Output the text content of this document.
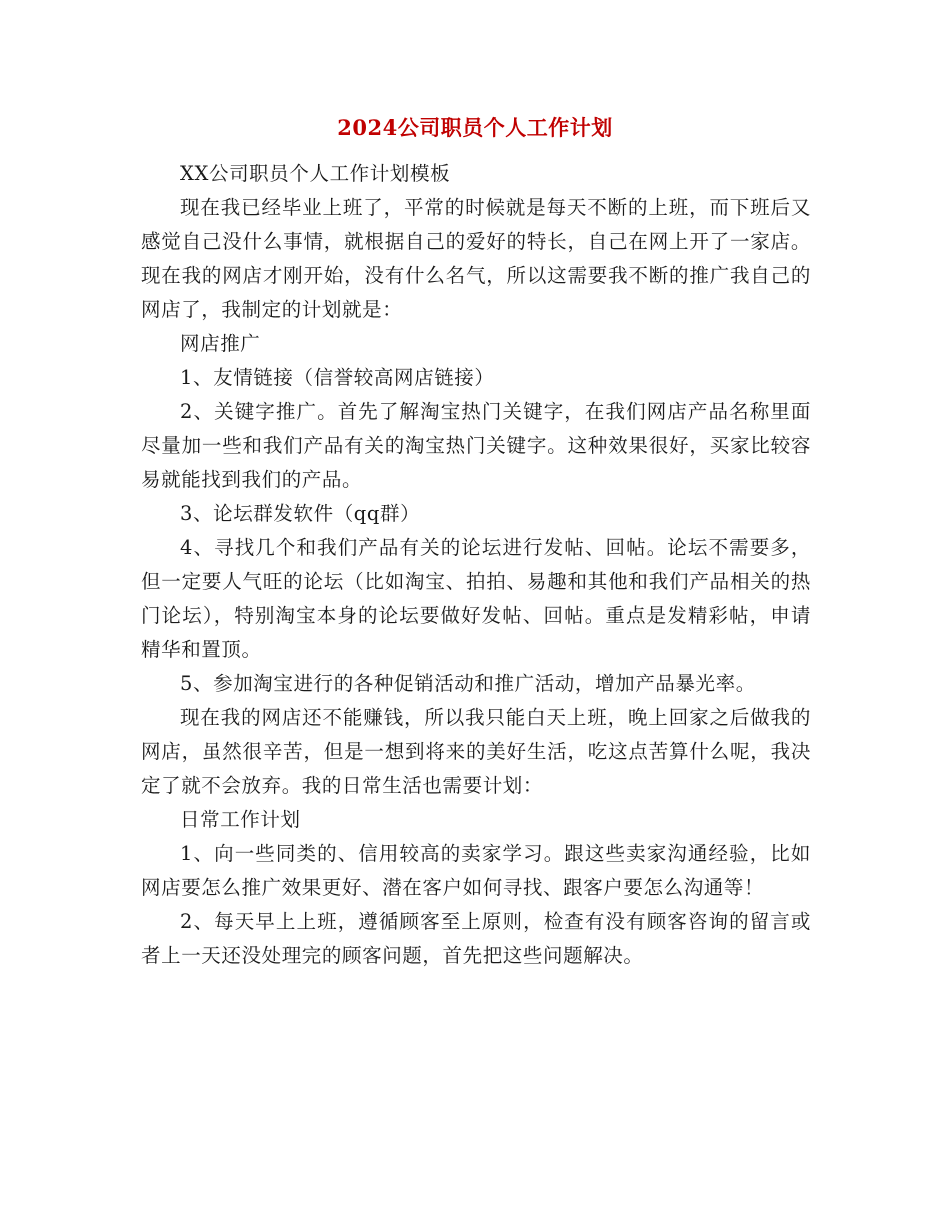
2024公司职员个人工作计划

XX公司职员个人工作计划模板

现在我已经毕业上班了，平常的时候就是每天不断的上班，而下班后又感觉自己没什么事情，就根据自己的爱好的特长，自己在网上开了一家店。现在我的网店才刚开始，没有什么名气，所以这需要我不断的推广我自己的网店了，我制定的计划就是：

网店推广

1、友情链接（信誉较高网店链接）

2、关键字推广。首先了解淘宝热门关键字，在我们网店产品名称里面尽量加一些和我们产品有关的淘宝热门关键字。这种效果很好，买家比较容易就能找到我们的产品。

3、论坛群发软件（qq群）

4、寻找几个和我们产品有关的论坛进行发帖、回帖。论坛不需要多，但一定要人气旺的论坛（比如淘宝、拍拍、易趣和其他和我们产品相关的热门论坛），特别淘宝本身的论坛要做好发帖、回帖。重点是发精彩帖，申请精华和置顶。

5、参加淘宝进行的各种促销活动和推广活动，增加产品暴光率。

现在我的网店还不能赚钱，所以我只能白天上班，晚上回家之后做我的网店，虽然很辛苦，但是一想到将来的美好生活，吃这点苦算什么呢，我决定了就不会放弃。我的日常生活也需要计划：

日常工作计划

1、向一些同类的、信用较高的卖家学习。跟这些卖家沟通经验，比如网店要怎么推广效果更好、潜在客户如何寻找、跟客户要怎么沟通等！

2、每天早上上班，遵循顾客至上原则，检查有没有顾客咨询的留言或者上一天还没处理完的顾客问题，首先把这些问题解决。
